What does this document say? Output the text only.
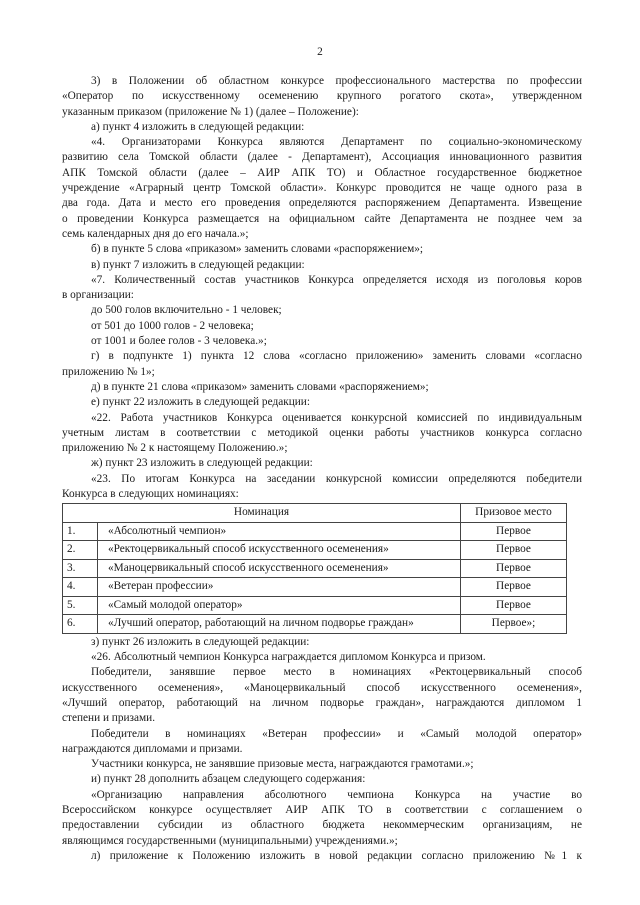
2

3) в Положении об областном конкурсе профессионального мастерства по профессии
«Оператор по искусственному осеменению крупного рогатого скота», утвержденном
указанным приказом (приложение № 1) (далее – Положение):

а) пункт 4 изложить в следующей редакции:

«4. Организаторами Конкурса являются Департамент по социально-экономическому
развитию села Томской области (далее - Департамент), Ассоциация инновационного развития
АПК Томской области (далее – АИР АПК ТО) и Областное государственное бюджетное
учреждение «Аграрный центр Томской области». Конкурс проводится не чаще одного раза в
два года. Дата и место его проведения определяются распоряжением Департамента. Извещение
о проведении Конкурса размещается на официальном сайте Департамента не позднее чем за
семь календарных дня до его начала.»;

б) в пункте 5 слова «приказом» заменить словами «распоряжением»;

в) пункт 7 изложить в следующей редакции:

«7. Количественный состав участников Конкурса определяется исходя из поголовья коров
в организации:

до 500 голов включительно - 1 человек;

от 501 до 1000 голов - 2 человека;

от 1001 и более голов - 3 человека.»;

г) в подпункте 1) пункта 12 слова «согласно приложению» заменить словами «согласно
приложению № 1»;

д) в пункте 21 слова «приказом» заменить словами «распоряжением»;

е) пункт 22 изложить в следующей редакции:

«22. Работа участников Конкурса оценивается конкурсной комиссией по индивидуальным
учетным листам в соответствии с методикой оценки работы участников конкурса согласно
приложению № 2 к настоящему Положению.»;

ж) пункт 23 изложить в следующей редакции:

«23. По итогам Конкурса на заседании конкурсной комиссии определяются победители
Конкурса в следующих номинациях:

Номинация		Призовое место
1.	«Абсолютный чемпион»	Первое
2.	«Ректоцервикальный способ искусственного осеменения»	Первое
3.	«Маноцервикальный способ искусственного осеменения»	Первое
4.	«Ветеран профессии»	Первое
5.	«Самый молодой оператор»	Первое
6.	«Лучший оператор, работающий на личном подворье граждан»	Первое»;

з) пункт 26 изложить в следующей редакции:

«26. Абсолютный чемпион Конкурса награждается дипломом Конкурса и призом.

Победители, занявшие первое место в номинациях «Ректоцервикальный способ
искусственного осеменения», «Маноцервикальный способ искусственного осеменения»,
«Лучший оператор, работающий на личном подворье граждан», награждаются дипломом 1
степени и призами.

Победители в номинациях «Ветеран профессии» и «Самый молодой оператор»
награждаются дипломами и призами.

Участники конкурса, не занявшие призовые места, награждаются грамотами.»;

и) пункт 28 дополнить абзацем следующего содержания:

«Организацию направления абсолютного чемпиона Конкурса на участие во
Всероссийском конкурсе осуществляет АИР АПК ТО в соответствии с соглашением о
предоставлении субсидии из областного бюджета некоммерческим организациям, не
являющимся государственными (муниципальными) учреждениями.»;

л) приложение к Положению изложить в новой редакции согласно приложению №1 к
